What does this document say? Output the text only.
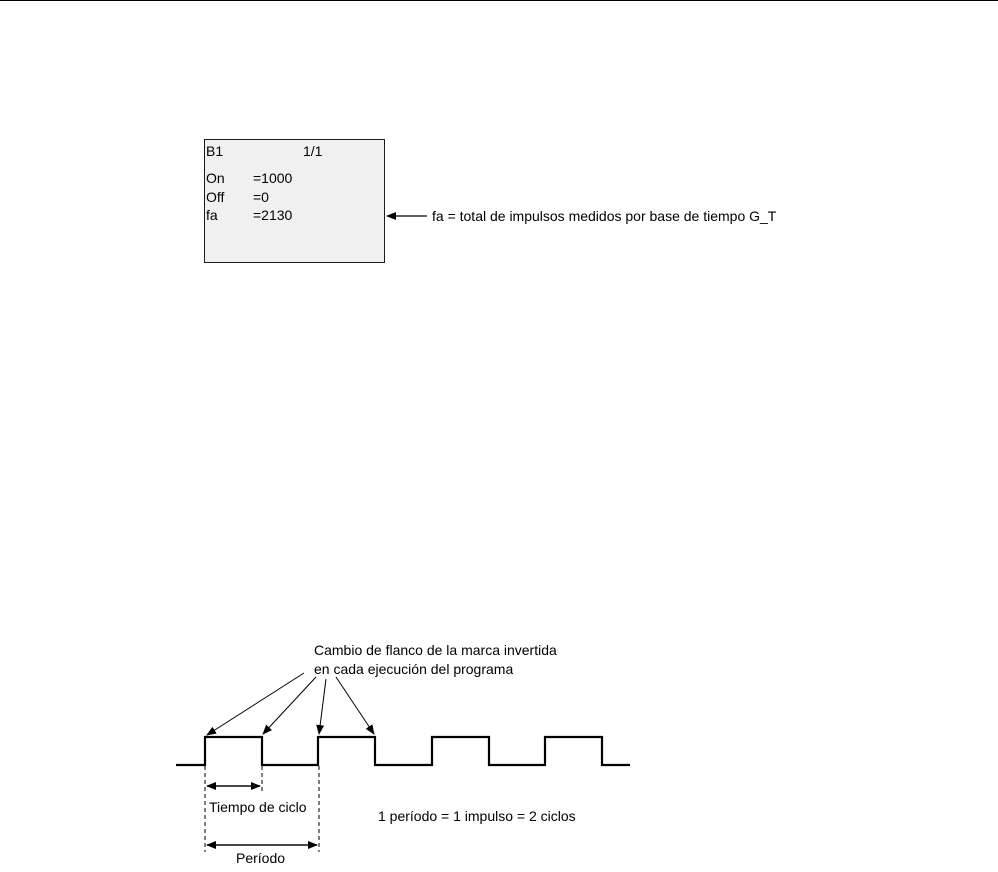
B1	1/1
On =1000
Off =0
fa	=2130	fa = total de impulsos medidos por base de tiempo G_T
Cambio de flanco de la marca invertida
en cada ejecución del programa
Tiempo de ciclo
1 período = 1 impulso = 2 ciclos
Período
